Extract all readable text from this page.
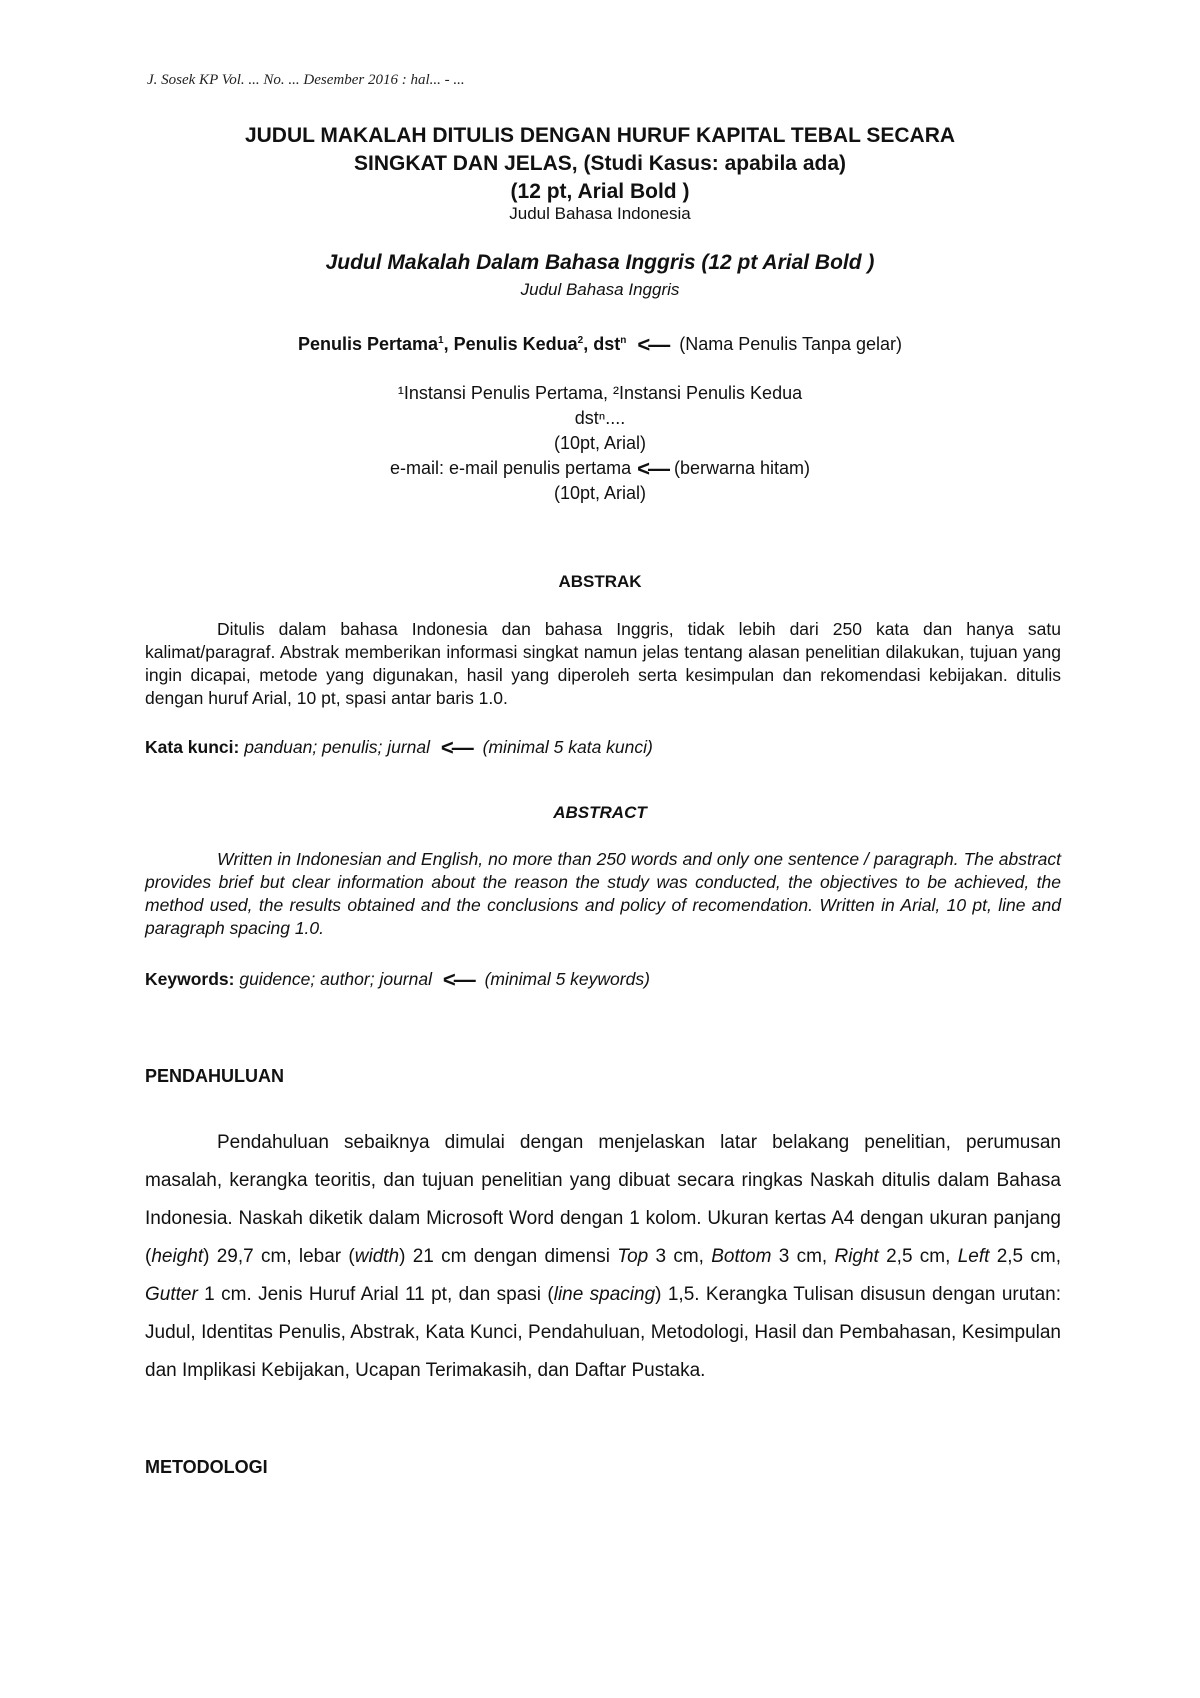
J. Sosek KP Vol. ... No. ... Desember 2016 : hal... - ...
JUDUL MAKALAH DITULIS DENGAN HURUF KAPITAL TEBAL SECARA
SINGKAT DAN JELAS, (Studi Kasus: apabila ada)
(12 pt, Arial Bold )
Judul Bahasa Indonesia
Judul Makalah Dalam Bahasa Inggris (12 pt Arial Bold )
Judul Bahasa Inggris
Penulis Pertama$^1$, Penulis Kedua$^2$, dst$^n$ <— (Nama Penulis Tanpa gelar)
¹Instansi Penulis Pertama, ²Instansi Penulis Kedua
dstⁿ....
(10pt, Arial)
e-mail: e-mail penulis pertama <— (berwarna hitam)
(10pt, Arial)
ABSTRAK
Ditulis dalam bahasa Indonesia dan bahasa Inggris, tidak lebih dari 250 kata dan hanya satu kalimat/paragraf. Abstrak memberikan informasi singkat namun jelas tentang alasan penelitian dilakukan, tujuan yang ingin dicapai, metode yang digunakan, hasil yang diperoleh serta kesimpulan dan rekomendasi kebijakan. ditulis dengan huruf Arial, 10 pt, spasi antar baris 1.0.
Kata kunci: panduan; penulis; jurnal <— (minimal 5 kata kunci)
ABSTRACT
Written in Indonesian and English, no more than 250 words and only one sentence / paragraph. The abstract provides brief but clear information about the reason the study was conducted, the objectives to be achieved, the method used, the results obtained and the conclusions and policy of recomendation. Written in Arial, 10 pt, line and paragraph spacing 1.0.
Keywords: guidence; author; journal <— (minimal 5 keywords)
PENDAHULUAN
Pendahuluan sebaiknya dimulai dengan menjelaskan latar belakang penelitian, perumusan masalah, kerangka teoritis, dan tujuan penelitian yang dibuat secara ringkas Naskah ditulis dalam Bahasa Indonesia. Naskah diketik dalam Microsoft Word dengan 1 kolom. Ukuran kertas A4 dengan ukuran panjang (height) 29,7 cm, lebar (width) 21 cm dengan dimensi Top 3 cm, Bottom 3 cm, Right 2,5 cm, Left 2,5 cm, Gutter 1 cm. Jenis Huruf Arial 11 pt, dan spasi (line spacing) 1,5. Kerangka Tulisan disusun dengan urutan: Judul, Identitas Penulis, Abstrak, Kata Kunci, Pendahuluan, Metodologi, Hasil dan Pembahasan, Kesimpulan dan Implikasi Kebijakan, Ucapan Terimakasih, dan Daftar Pustaka.
METODOLOGI
